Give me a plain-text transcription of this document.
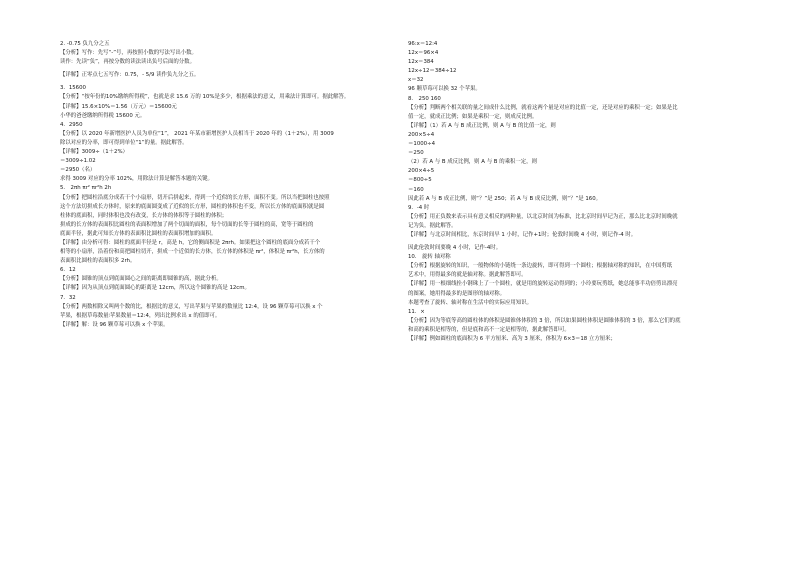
2. -0.75 负九分之五
【分析】写作：先写“-”号，再按照小数的写法写出小数。
读作：先读“负”，再按分数的读法读出负号后面的分数。
【详解】正零点七五写作：0.75，- 5/9 读作负九分之五。
3．15600
【分析】“按年份的10%缴纳所得税”，也就是求 15.6 万的 10%是多少，根据乘法的意义，用乘法计算即可。据此解答。
【详解】15.6×10%＝1.56（万元）＝15600元
小华的爸爸缴纳所得税 15600 元。
4．2950
【分析】以 2020 年新增医护人员为单位“1”， 2021 年某市新增医护人员相当于 2020 年的（1＋2%），用 3009
除以对应的分率，即可得到单位“1”的量。据此解答。
【详解】3009÷（1＋2%）
＝3009÷1.02
＝2950（名）
求得 3009 对应的分率 102%，用除法计算是解答本题的关键。
5． 2πh πr² πr²h 2h
【分析】把圆柱沿底分成若干个小扇形，切开后拼起来，得到一个近似的长方形，面积不变。所以当把圆柱也按照
这个方法切拼成长方体时，原来的底面圆变成了近似的长方形，圆柱的体积也不变，所以长方体的底面积就是圆
柱体的底面积，同时体积也没有改变，长方体的体积等于圆柱的体积；
拼成的长方体的表面积比圆柱的表面积增加了两个切面的面积，每个切面的长等于圆柱的高，宽等于圆柱的
底面半径，据此可知长方体的表面积比圆柱的表面积增加的面积。
【详解】由分析可得：圆柱的底面半径是 r，高是 h，它的侧面积是 2πrh。如果把这个圆柱的底面分成若干个
相等的小扇形，沿着份和高把圆柱切开，拼成一个近似的长方体，长方体的体积是 πr²，体积是 πr²h，长方体的
表面积比圆柱的表面积多 2rh。
6．12
【分析】圆锥的顶点到底面圆心之间的距离即圆锥的高，据此分析。
【详解】因为从顶点到底面圆心的距离是 12cm，所以这个圆锥的高是 12cm。
7．32
【分析】两数相除又叫两个数的比，根据比的意义，写出苹果与苹果的数量比 12:4，设 96 颗草莓可以换 x 个
苹果，根据草莓数量∶苹果数量＝12:4，列出比例求出 x 的值即可。
【详解】解：设 96 颗草莓可以换 x 个苹果。
96:x＝12:4
12x＝96×4
12x＝384
12x÷12＝384÷12
x＝32
96 颗草莓可以换 32 个苹果。
8． 250 160
【分析】判断两个相关联的量之间成什么比例，就看这两个量是对应的比值一定，还是对应的乘积一定；如果是比
值一定，就成正比例；如果是乘积一定，则成反比例。
【详解】（1）若 A 与 B 成正比例，则 A 与 B 的比值一定，则
200×5÷4
＝1000÷4
＝250
（2）若 A 与 B 成反比例，则 A 与 B 的乘积一定，则
200×4÷5
＝800÷5
＝160
因此若 A 与 B 成正比例，则“？”是 250；若 A 与 B 成反比例，则“？”是 160。
9．-4 时
【分析】用正负数来表示具有意义相反的两种量，以北京时间为标准，比北京时间早记为正，那么比北京时间晚就
记为负，据此解答。
【详解】与北京时间相比，东京时间早 1 小时，记作+1时；伦敦时间晚 4 小时，则记作-4 时。
因此伦敦时间要晚 4 小时，记作-4时。
10． 旋转 轴对称
【分析】根据旋转的知识，一般物体的小链绕一条边旋转，即可得到一个圆柱；根据轴对称的知识，在中国剪纸
艺术中，用得最多的就是轴对称。据此解答即可。
【详解】用一根细线拴小钢珠上了一个圆柱，就是用的旋转运动得到的；小玲要玩剪纸，她总能事半功倍剪出漂亮
的图案，她用得最多的是图形的轴对称。
本题考查了旋转、轴对称在生活中的实际应用知识。
11．×
【分析】因为等底等高的圆柱体的体积是圆锥体体积的 3 倍，所以如果圆柱体积是圆锥体积的 3 倍，那么它们的底
和高的乘积是相等的，但是底和高不一定是相等的，据此解答即可。
【详解】例如圆柱的底面积为 6 平方厘米、高为 3 厘米，体积为 6×3＝18 立方厘米；
